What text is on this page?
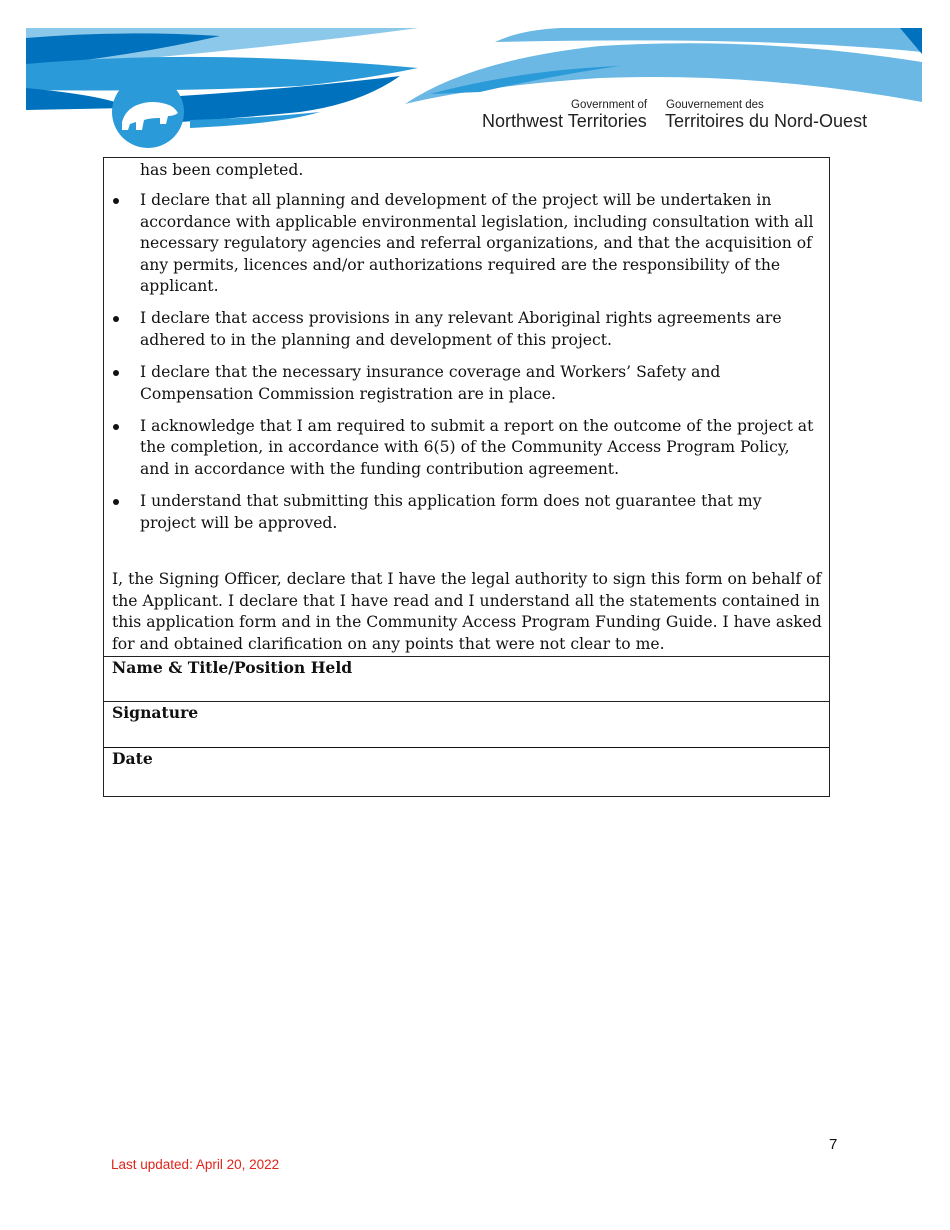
Government of
Northwest Territories
Gouvernement des
Territoires du Nord-Ouest
has been completed.
I declare that all planning and development of the project will be undertaken in accordance with applicable environmental legislation, including consultation with all necessary regulatory agencies and referral organizations, and that the acquisition of any permits, licences and/or authorizations required are the responsibility of the applicant.
I declare that access provisions in any relevant Aboriginal rights agreements are adhered to in the planning and development of this project.
I declare that the necessary insurance coverage and Workers’ Safety and Compensation Commission registration are in place.
I acknowledge that I am required to submit a report on the outcome of the project at the completion, in accordance with 6(5) of the Community Access Program Policy, and in accordance with the funding contribution agreement.
I understand that submitting this application form does not guarantee that my project will be approved.
I, the Signing Officer, declare that I have the legal authority to sign this form on behalf of the Applicant. I declare that I have read and I understand all the statements contained in this application form and in the Community Access Program Funding Guide. I have asked for and obtained clarification on any points that were not clear to me.
Name & Title/Position Held
Signature
Date
7
Last updated: April 20, 2022
